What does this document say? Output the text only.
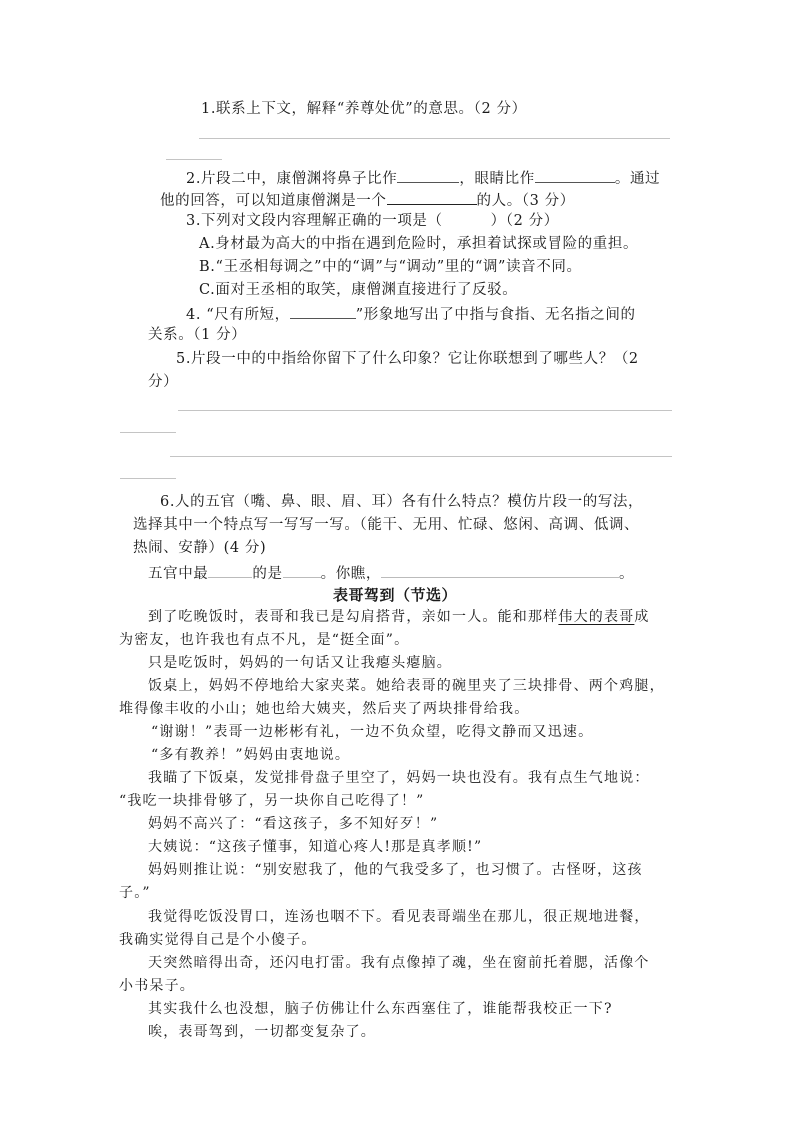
1.联系上下文，解释“养尊处优”的意思。（2 分）
2.片段二中，康僧渊将鼻子比作	，眼睛比作	。通过
他的回答，可以知道康僧渊是一个	的人。（3 分）
3.下列对文段内容理解正确的一项是（	）（2 分）
A.身材最为高大的中指在遇到危险时，承担着试探或冒险的重担。
B.“王丞相每调之”中的“调”与“调动”里的“调”读音不同。
C.面对王丞相的取笑，康僧渊直接进行了反驳。
4. “尺有所短，	”形象地写出了中指与食指、无名指之间的
关系。（1 分）
5.片段一中的中指给你留下了什么印象？它让你联想到了哪些人？（2
分）
6.人的五官（嘴、鼻、眼、眉、耳）各有什么特点？模仿片段一的写法，
选择其中一个特点写一写写一写。（能干、无用、忙碌、悠闲、高调、低调、
热闹、安静）(4 分)
五官中最	的是	。你瞧，	。
表哥驾到（节选）
到了吃晚饭时，表哥和我已是勾肩搭背，亲如一人。能和那样伟大的表哥成
为密友，也许我也有点不凡，是“挺全面”。
只是吃饭时，妈妈的一句话又让我瘪头瘪脑。
饭桌上，妈妈不停地给大家夹菜。她给表哥的碗里夹了三块排骨、两个鸡腿，
堆得像丰收的小山；她也给大姨夹，然后夹了两块排骨给我。
“谢谢！”表哥一边彬彬有礼，一边不负众望，吃得文静而又迅速。
“多有教养！”妈妈由衷地说。
我瞄了下饭桌，发觉排骨盘子里空了，妈妈一块也没有。我有点生气地说：
“我吃一块排骨够了，另一块你自己吃得了！”
妈妈不高兴了：“看这孩子，多不知好歹！”
大姨说：“这孩子懂事，知道心疼人!那是真孝顺!”
妈妈则推让说：“别安慰我了，他的气我受多了，也习惯了。古怪呀，这孩
子。”
我觉得吃饭没胃口，连汤也咽不下。看见表哥端坐在那儿，很正规地进餐，
我确实觉得自己是个小傻子。
天突然暗得出奇，还闪电打雷。我有点像掉了魂，坐在窗前托着腮，活像个
小书呆子。
其实我什么也没想，脑子仿佛让什么东西塞住了，谁能帮我校正一下?
唉，表哥驾到，一切都变复杂了。
